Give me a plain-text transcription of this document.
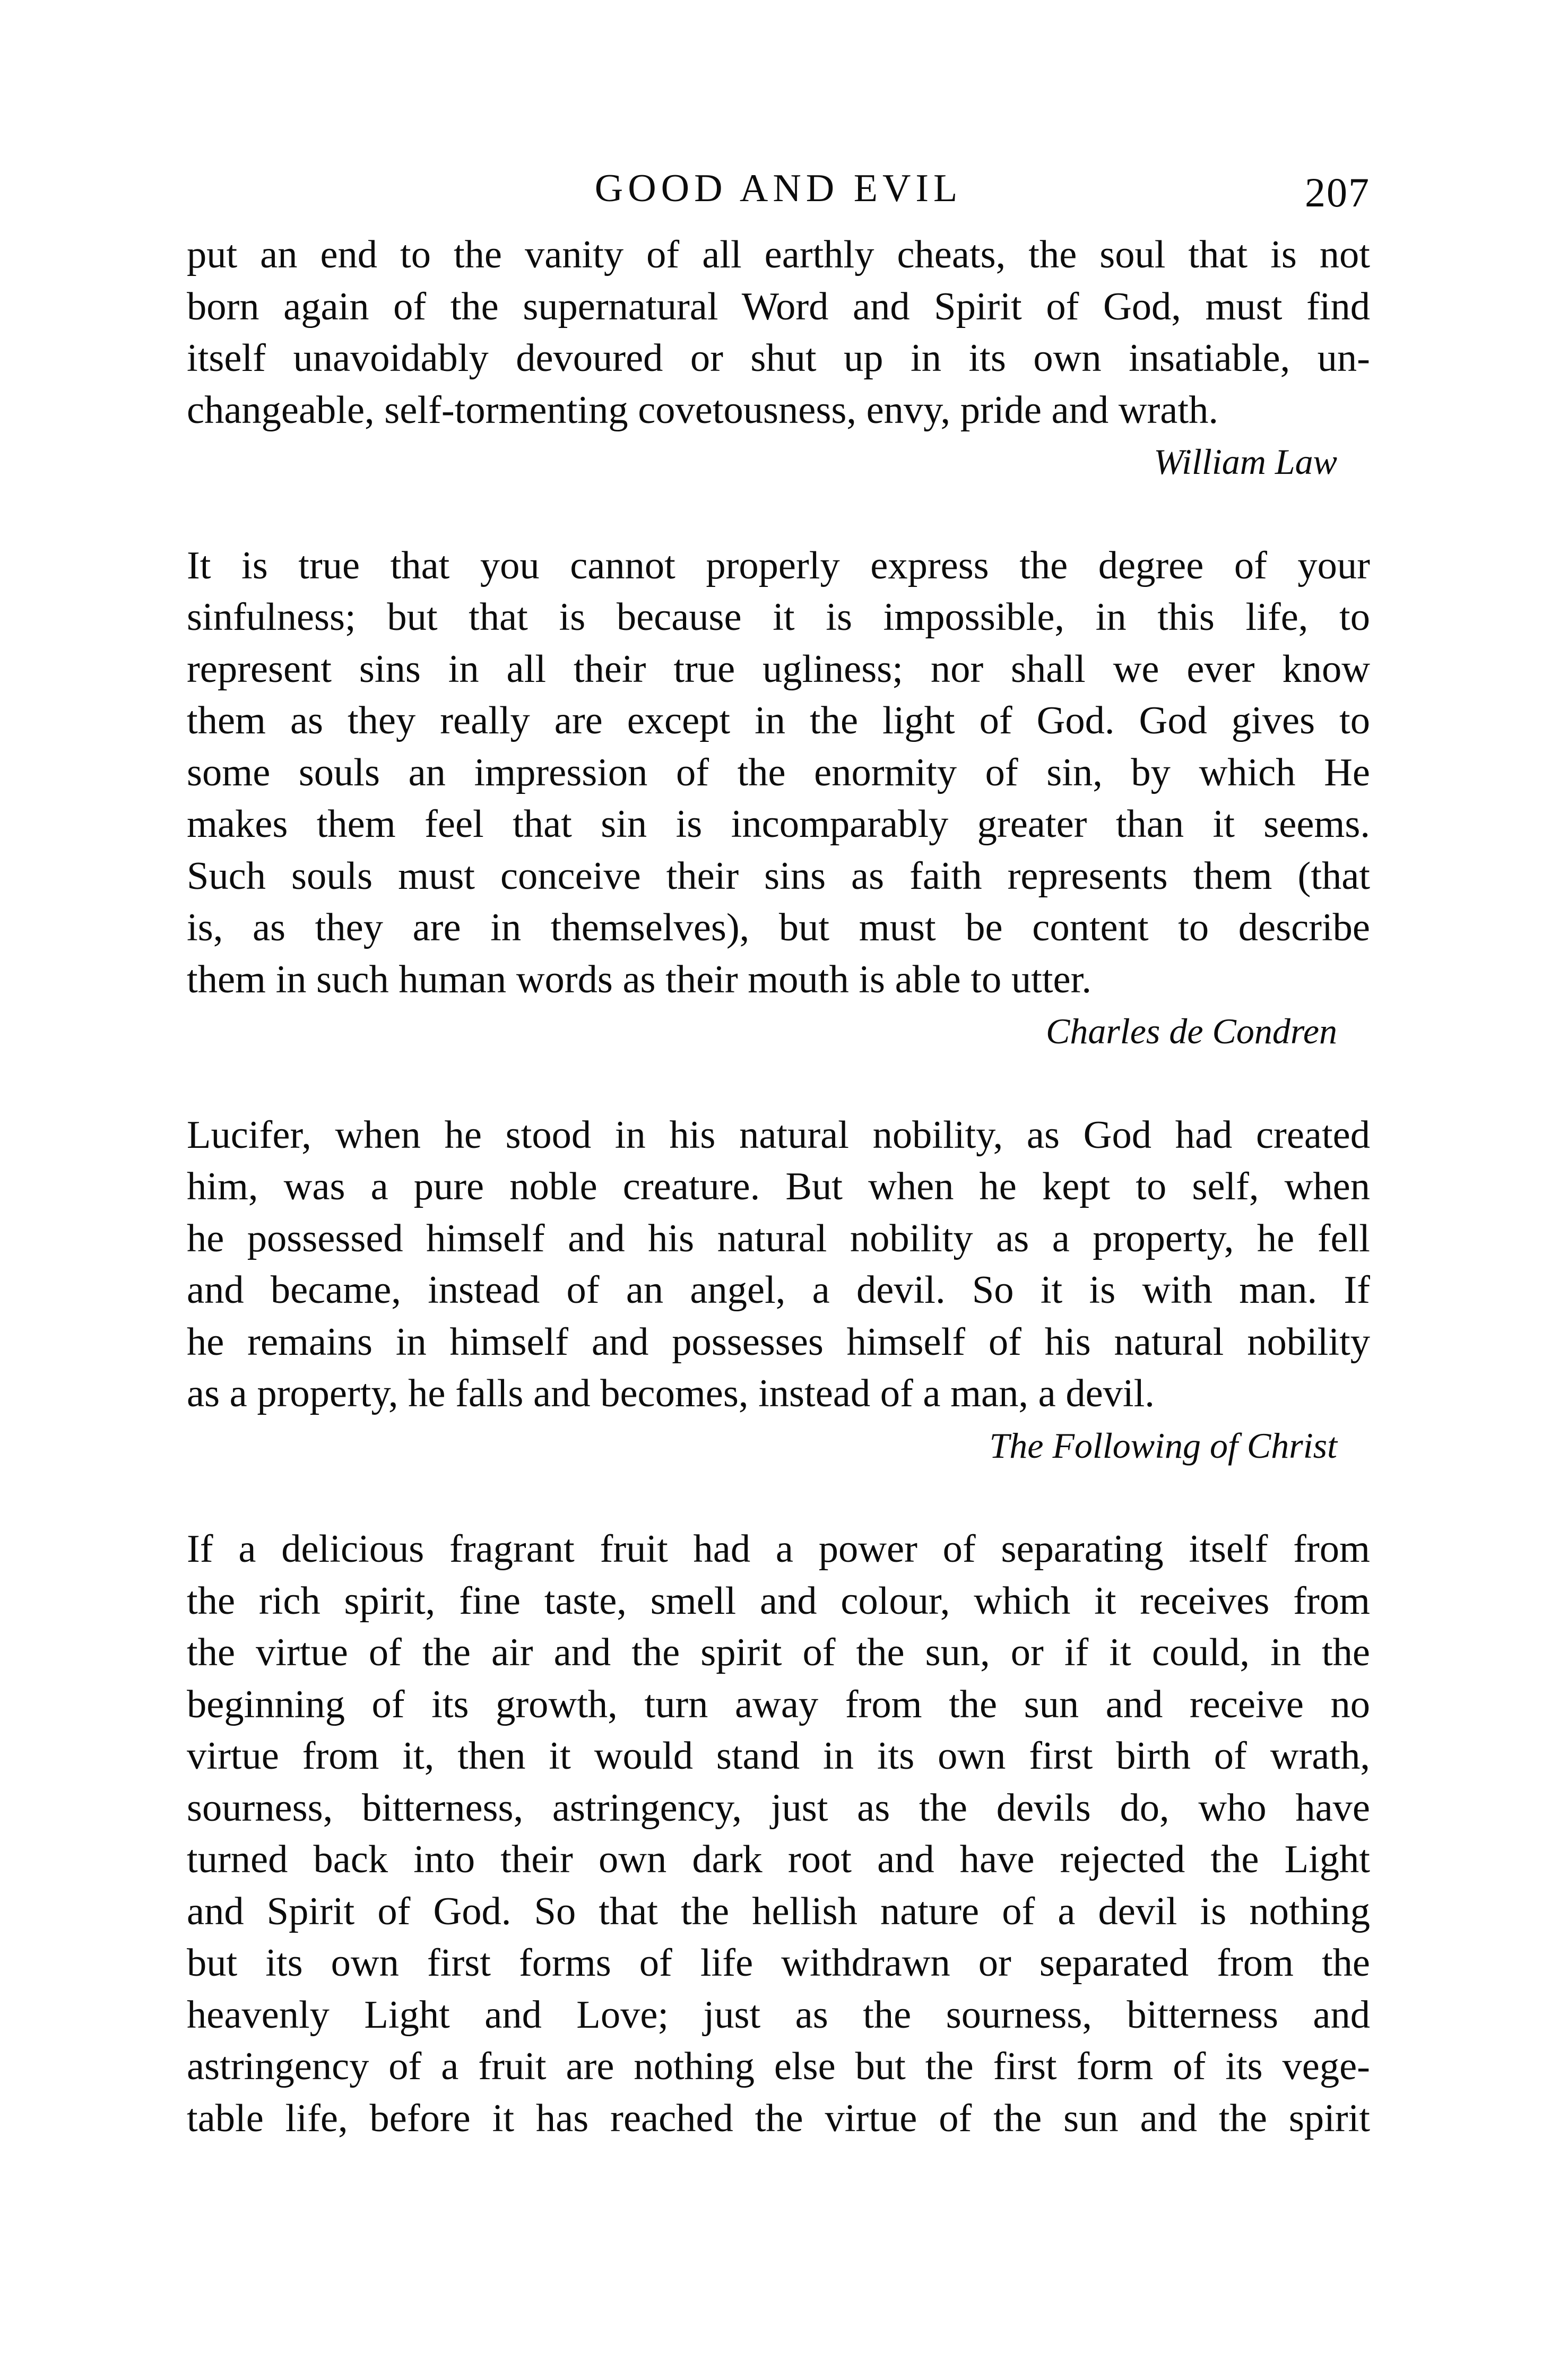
GOOD AND EVIL	207
put an end to the vanity of all earthly cheats, the soul that is not
born again of the supernatural Word and Spirit of God, must find
itself unavoidably devoured or shut up in its own insatiable, un-
changeable, self-tormenting covetousness, envy, pride and wrath.
William Law
It is true that you cannot properly express the degree of your
sinfulness; but that is because it is impossible, in this life, to
represent sins in all their true ugliness; nor shall we ever know
them as they really are except in the light of God. God gives to
some souls an impression of the enormity of sin, by which He
makes them feel that sin is incomparably greater than it seems.
Such souls must conceive their sins as faith represents them (that
is, as they are in themselves), but must be content to describe
them in such human words as their mouth is able to utter.
Charles de Condren
Lucifer, when he stood in his natural nobility, as God had created
him, was a pure noble creature. But when he kept to self, when
he possessed himself and his natural nobility as a property, he fell
and became, instead of an angel, a devil. So it is with man. If
he remains in himself and possesses himself of his natural nobility
as a property, he falls and becomes, instead of a man, a devil.
The Following of Christ
If a delicious fragrant fruit had a power of separating itself from
the rich spirit, fine taste, smell and colour, which it receives from
the virtue of the air and the spirit of the sun, or if it could, in the
beginning of its growth, turn away from the sun and receive no
virtue from it, then it would stand in its own first birth of wrath,
sourness, bitterness, astringency, just as the devils do, who have
turned back into their own dark root and have rejected the Light
and Spirit of God. So that the hellish nature of a devil is nothing
but its own first forms of life withdrawn or separated from the
heavenly Light and Love; just as the sourness, bitterness and
astringency of a fruit are nothing else but the first form of its vege-
table life, before it has reached the virtue of the sun and the spirit
